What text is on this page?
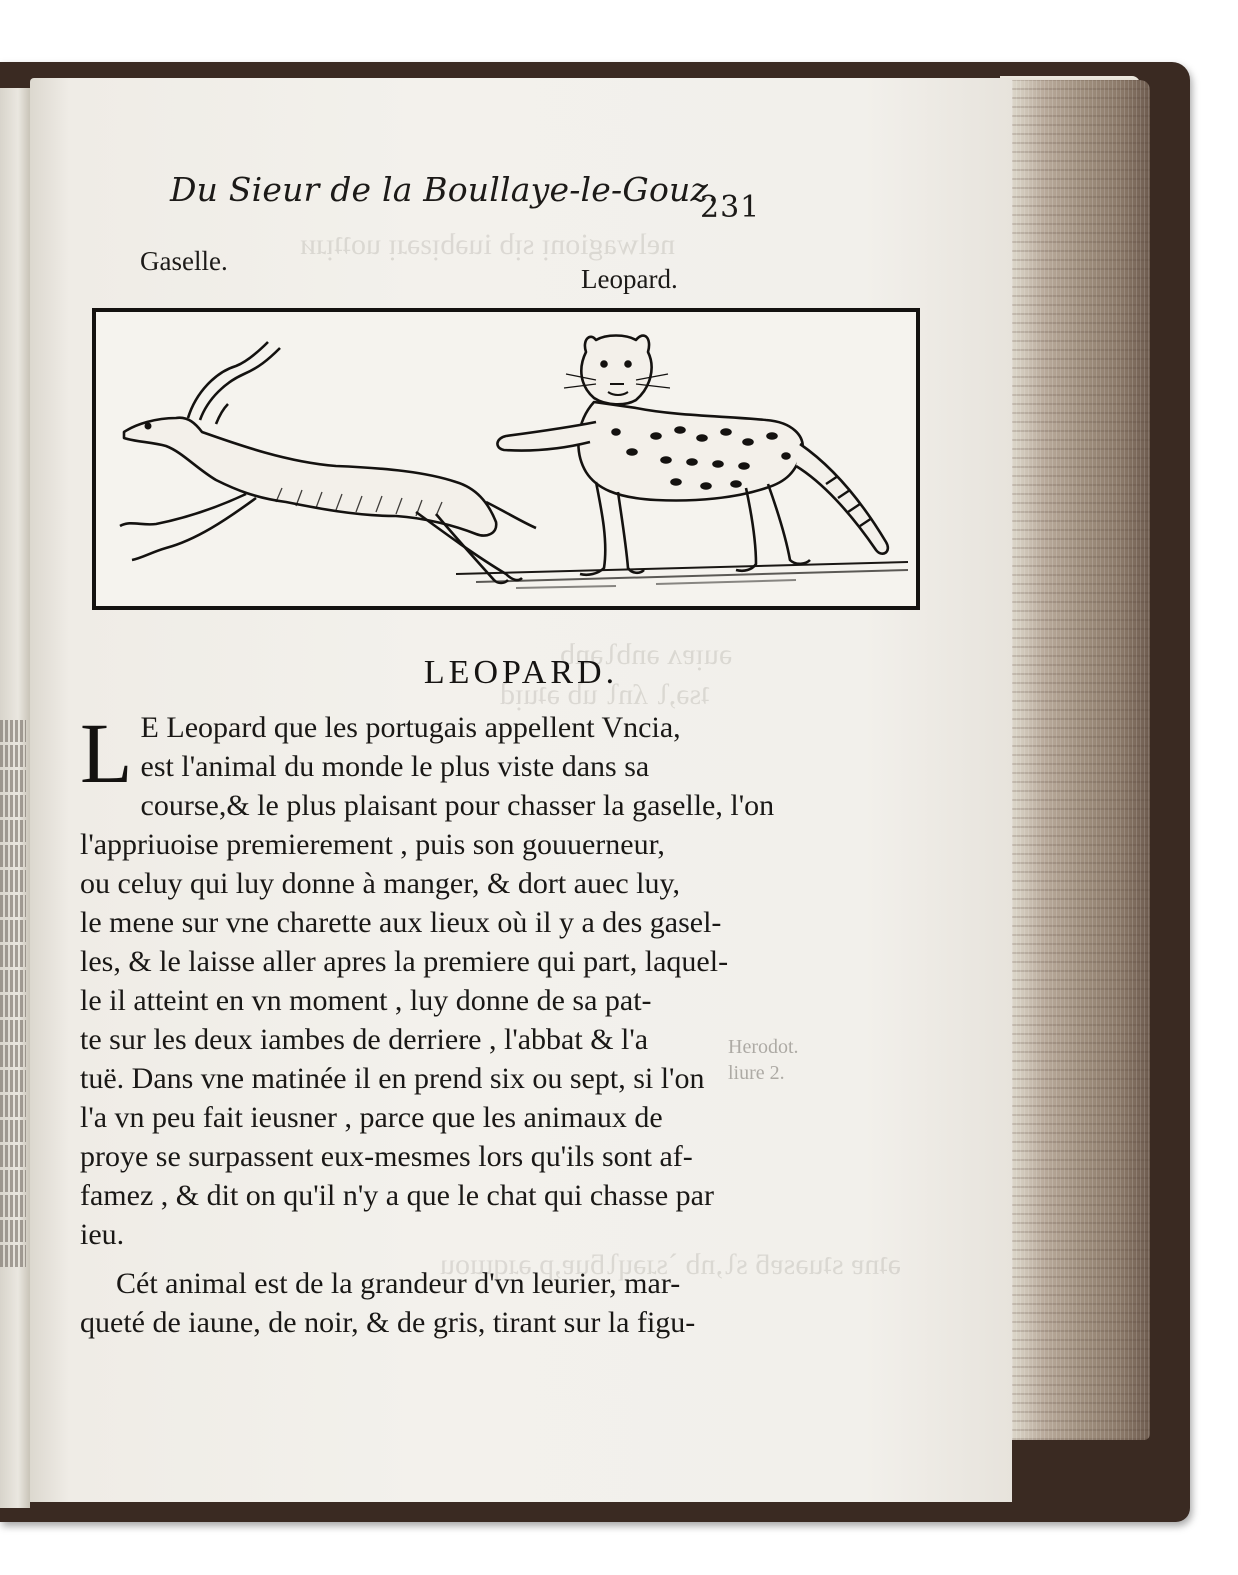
nelwagionᴉ sᴉb iuǝbᴉƨǝɹᴉ uoʇʇᴉɹᴎ
ǝuᴉɐʌ ǝnbʅǝnb
ʇsǝ,ʅ ʎnʅ ub ǝʇuᴉd
ǝʇnɐ sʇuǝsɐƃ sʅ,nb ˋsɹǝɥʅƃuɐ,p ǝɹqɯou
Du Sieur de la Boullaye-le-Gouz.
231
Gaselle.
Leopard.
LEOPARD.
L E Leopard que les portugais appellent Vncia,
est l'animal du monde le plus viste dans sa
course,& le plus plaisant pour chasser la gaselle, l'on
l'appriuoise premierement , puis son gouuerneur,
ou celuy qui luy donne à manger, & dort auec luy,
le mene sur vne charette aux lieux où il y a des gasel-
les, & le laisse aller apres la premiere qui part, laquel-
le il atteint en vn moment , luy donne de sa pat-
te sur les deux iambes de derriere , l'abbat & l'a
tuë. Dans vne matinée il en prend six ou sept, si l'on
l'a vn peu fait ieusner , parce que les animaux de
proye se surpassent eux-mesmes lors qu'ils sont af-
famez , & dit on qu'il n'y a que le chat qui chasse par
ieu.
Cét animal est de la grandeur d'vn leurier, mar-
queté de iaune, de noir, & de gris, tirant sur la figu-
Herodot.
liure 2.
